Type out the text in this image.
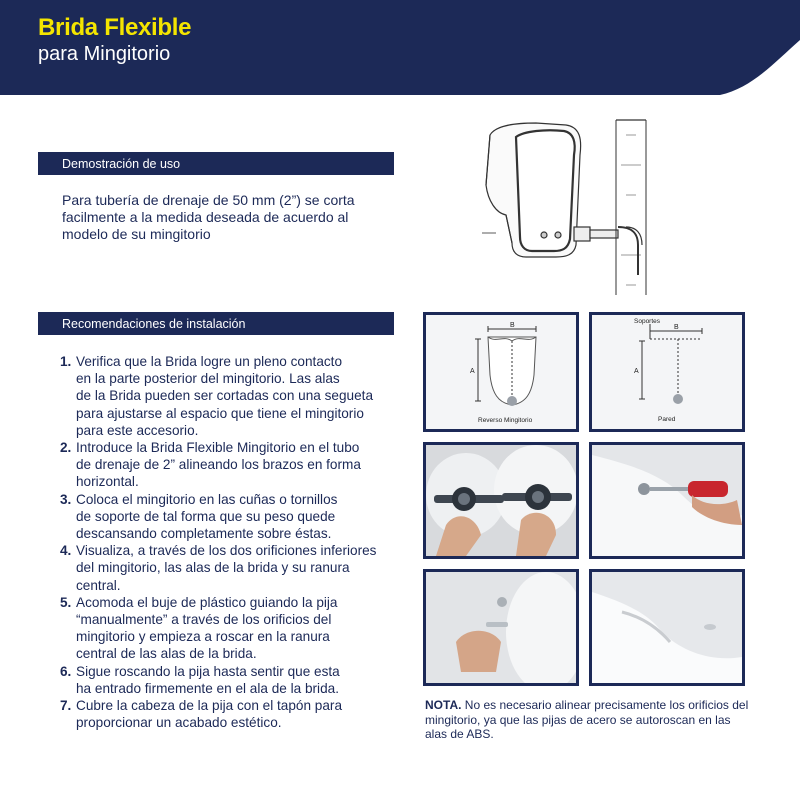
Brida Flexible
para Mingitorio
Demostración de uso
Para tubería de drenaje de 50 mm (2”) se corta
facilmente a la medida deseada de acuerdo al
modelo de su mingitorio
Recomendaciones de instalación
1. Verifica que la Brida logre un pleno contacto
en la parte posterior del mingitorio. Las alas
de la Brida pueden ser cortadas con una segueta
para ajustarse al espacio que tiene el mingitorio
para este accesorio.
2. Introduce la Brida Flexible Mingitorio en el tubo
de drenaje de 2” alineando los brazos en forma
horizontal.
3. Coloca el mingitorio en las cuñas o tornillos
de soporte de tal forma que su peso quede
descansando completamente sobre éstas.
4. Visualiza, a través de los dos orificiones inferiores
del mingitorio, las alas de la brida y su ranura
central.
5. Acomoda el buje de plástico guiando la pija
“manualmente” a través de los orificios del
mingitorio y empieza a roscar en la ranura
central de las alas de la brida.
6. Sigue roscando la pija hasta sentir que esta
ha entrado firmemente en el ala de la brida.
7. Cubre la cabeza de la pija con el tapón para
proporcionar un acabado estético.
B
A
Reverso Mingitorio
Soportes
B
A
Pared
NOTA. No es necesario alinear precisamente los orificios del mingitorio, ya que las pijas de acero se autoroscan en las alas de ABS.
